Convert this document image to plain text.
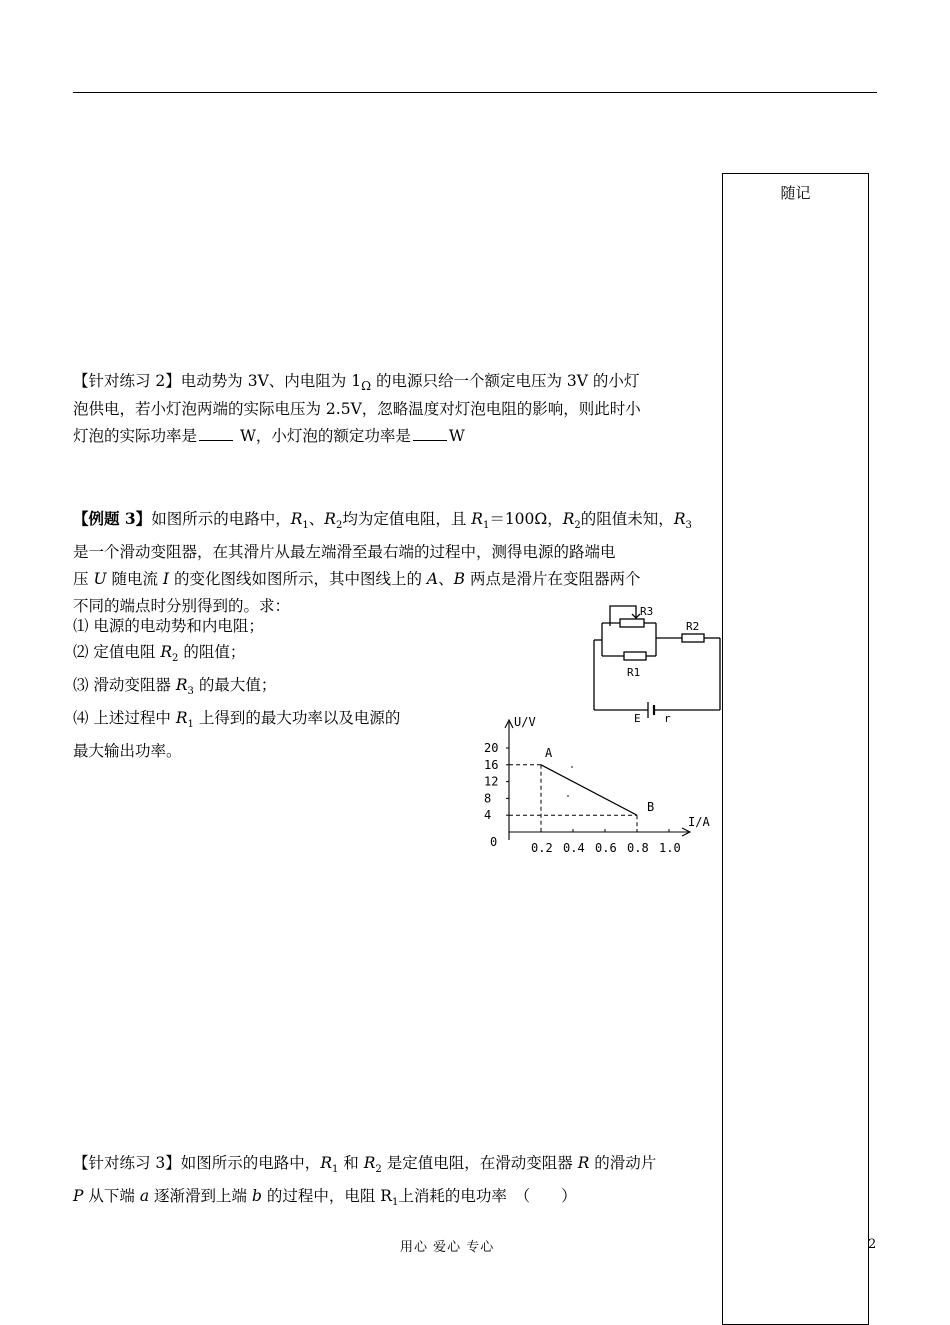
随记
【针对练习 2】电动势为 3V、内电阻为 $1_\Omega$ 的电源只给一个额定电压为 3V 的小灯
泡供电，若小灯泡两端的实际电压为 2.5V，忽略温度对灯泡电阻的影响，则此时小
灯泡的实际功率是 W，小灯泡的额定功率是 W
【例题 3】如图所示的电路中，$R_1$、$R_2$均为定值电阻，且 $R_1=100\Omega$，$R_2$的阻值未知，$R_3$
是一个滑动变阻器，在其滑片从最左端滑至最右端的过程中，测得电源的路端电
压 U 随电流 I 的变化图线如图所示，其中图线上的 A、B 两点是滑片在变阻器两个
不同的端点时分别得到的。求：
⑴ 电源的电动势和内电阻；
⑵ 定值电阻 $R_2$ 的阻值；
⑶ 滑动变阻器 $R_3$ 的最大值；
⑷ 上述过程中 $R_1$ 上得到的最大功率以及电源的
最大输出功率。
R3
R2
R1
E r
U/V
I/A
0
4
8
12
16
20
0.2 0.4 0.6 0.8 1.0
A
B
【针对练习 3】如图所示的电路中，$R_1$ 和 $R_2$ 是定值电阻，在滑动变阻器 R 的滑动片
P 从下端 a 逐渐滑到上端 b 的过程中，电阻 $R_1$上消耗的电功率　（　　）
用心 爱心 专心	2
